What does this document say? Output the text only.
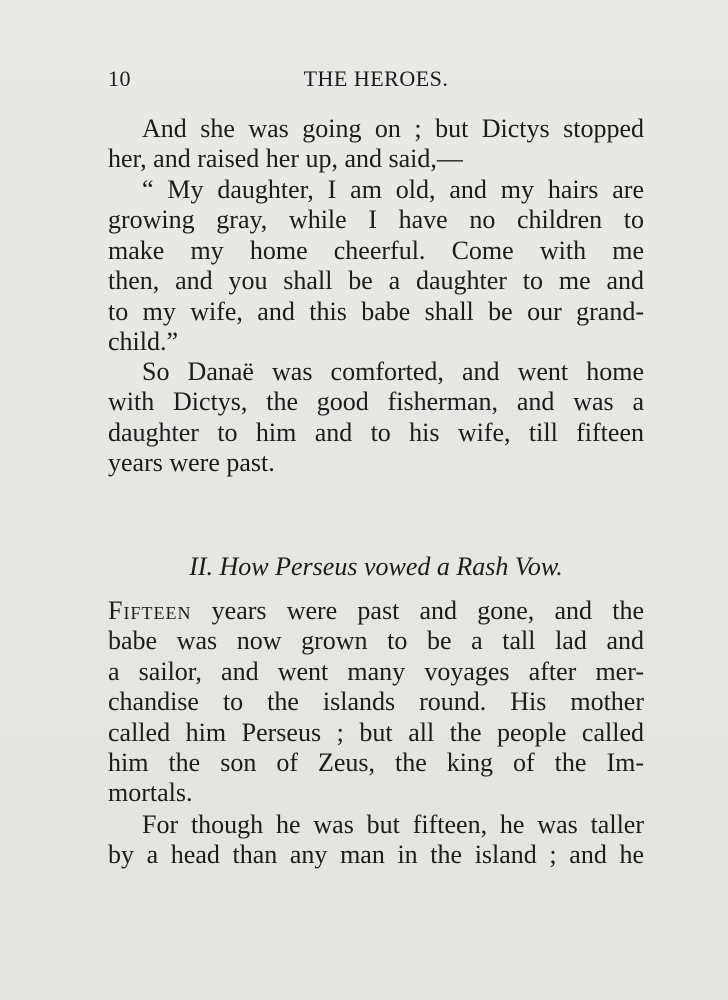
10	THE HEROES.
And she was going on ; but Dictys stopped
her, and raised her up, and said,—
“ My daughter, I am old, and my hairs are
growing gray, while I have no children to
make my home cheerful. Come with me
then, and you shall be a daughter to me and
to my wife, and this babe shall be our grand-
child.”
So Danaë was comforted, and went home
with Dictys, the good fisherman, and was a
daughter to him and to his wife, till fifteen
years were past.
II. How Perseus vowed a Rash Vow.
Fifteen years were past and gone, and the
babe was now grown to be a tall lad and
a sailor, and went many voyages after mer-
chandise to the islands round. His mother
called him Perseus ; but all the people called
him the son of Zeus, the king of the Im-
mortals.
For though he was but fifteen, he was taller
by a head than any man in the island ; and he
